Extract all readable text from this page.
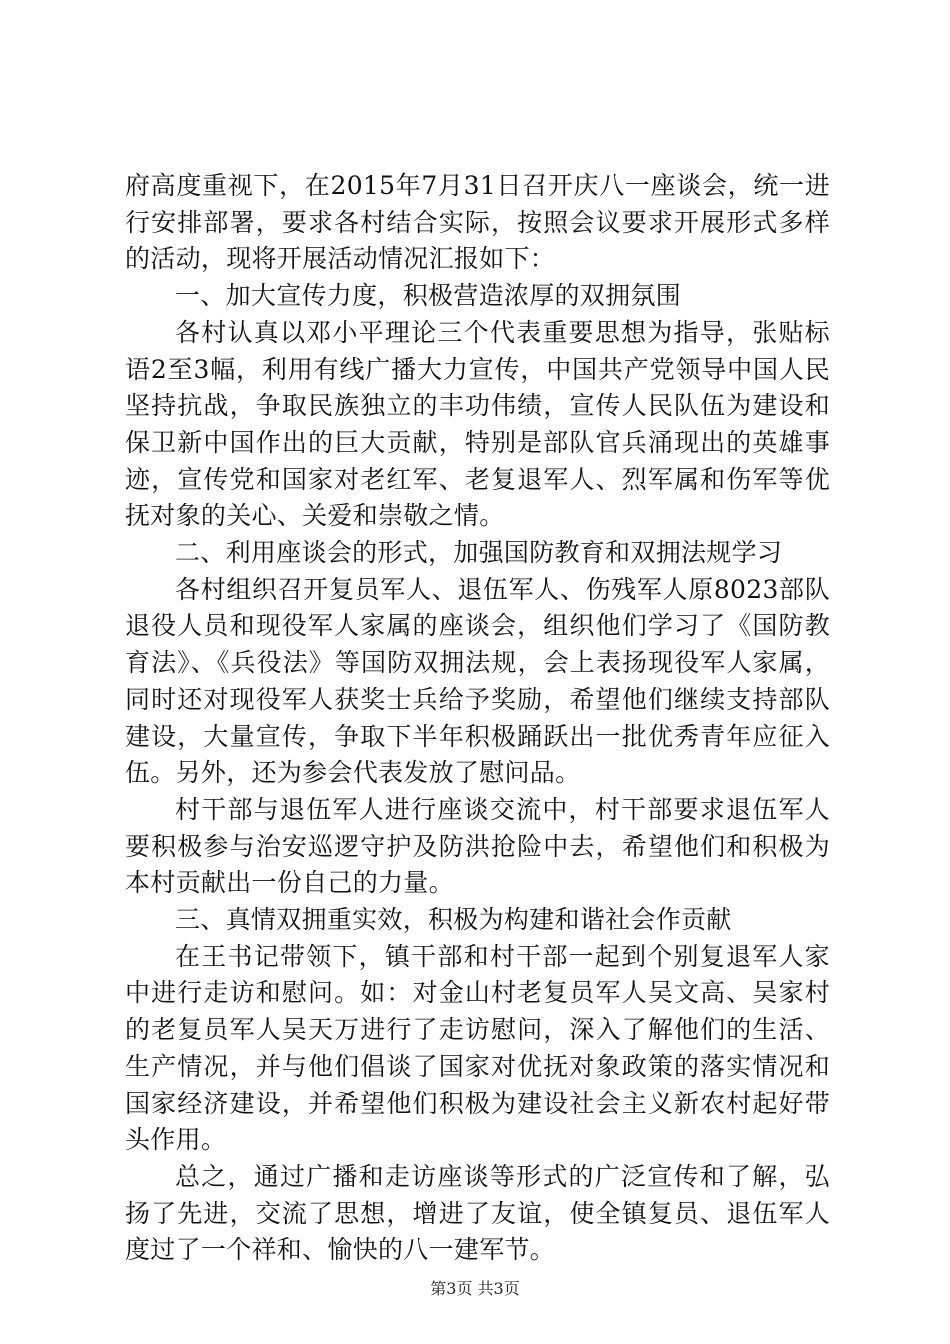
府高度重视下，在2015年7月31日召开庆八一座谈会，统一进行安排部署，要求各村结合实际，按照会议要求开展形式多样的活动，现将开展活动情况汇报如下：

一、加大宣传力度，积极营造浓厚的双拥氛围

各村认真以邓小平理论三个代表重要思想为指导，张贴标语2至3幅，利用有线广播大力宣传，中国共产党领导中国人民坚持抗战，争取民族独立的丰功伟绩，宣传人民队伍为建设和保卫新中国作出的巨大贡献，特别是部队官兵涌现出的英雄事迹，宣传党和国家对老红军、老复退军人、烈军属和伤军等优抚对象的关心、关爱和崇敬之情。

二、利用座谈会的形式，加强国防教育和双拥法规学习

各村组织召开复员军人、退伍军人、伤残军人原8023部队退役人员和现役军人家属的座谈会，组织他们学习了《国防教育法》、《兵役法》等国防双拥法规，会上表扬现役军人家属，同时还对现役军人获奖士兵给予奖励，希望他们继续支持部队建设，大量宣传，争取下半年积极踊跃出一批优秀青年应征入伍。另外，还为参会代表发放了慰问品。

村干部与退伍军人进行座谈交流中，村干部要求退伍军人要积极参与治安巡逻守护及防洪抢险中去，希望他们和积极为本村贡献出一份自己的力量。

三、真情双拥重实效，积极为构建和谐社会作贡献

在王书记带领下，镇干部和村干部一起到个别复退军人家中进行走访和慰问。如：对金山村老复员军人吴文高、吴家村的老复员军人吴天万进行了走访慰问，深入了解他们的生活、生产情况，并与他们倡谈了国家对优抚对象政策的落实情况和国家经济建设，并希望他们积极为建设社会主义新农村起好带头作用。

总之，通过广播和走访座谈等形式的广泛宣传和了解，弘扬了先进，交流了思想，增进了友谊，使全镇复员、退伍军人度过了一个祥和、愉快的八一建军节。

第3页 共3页
